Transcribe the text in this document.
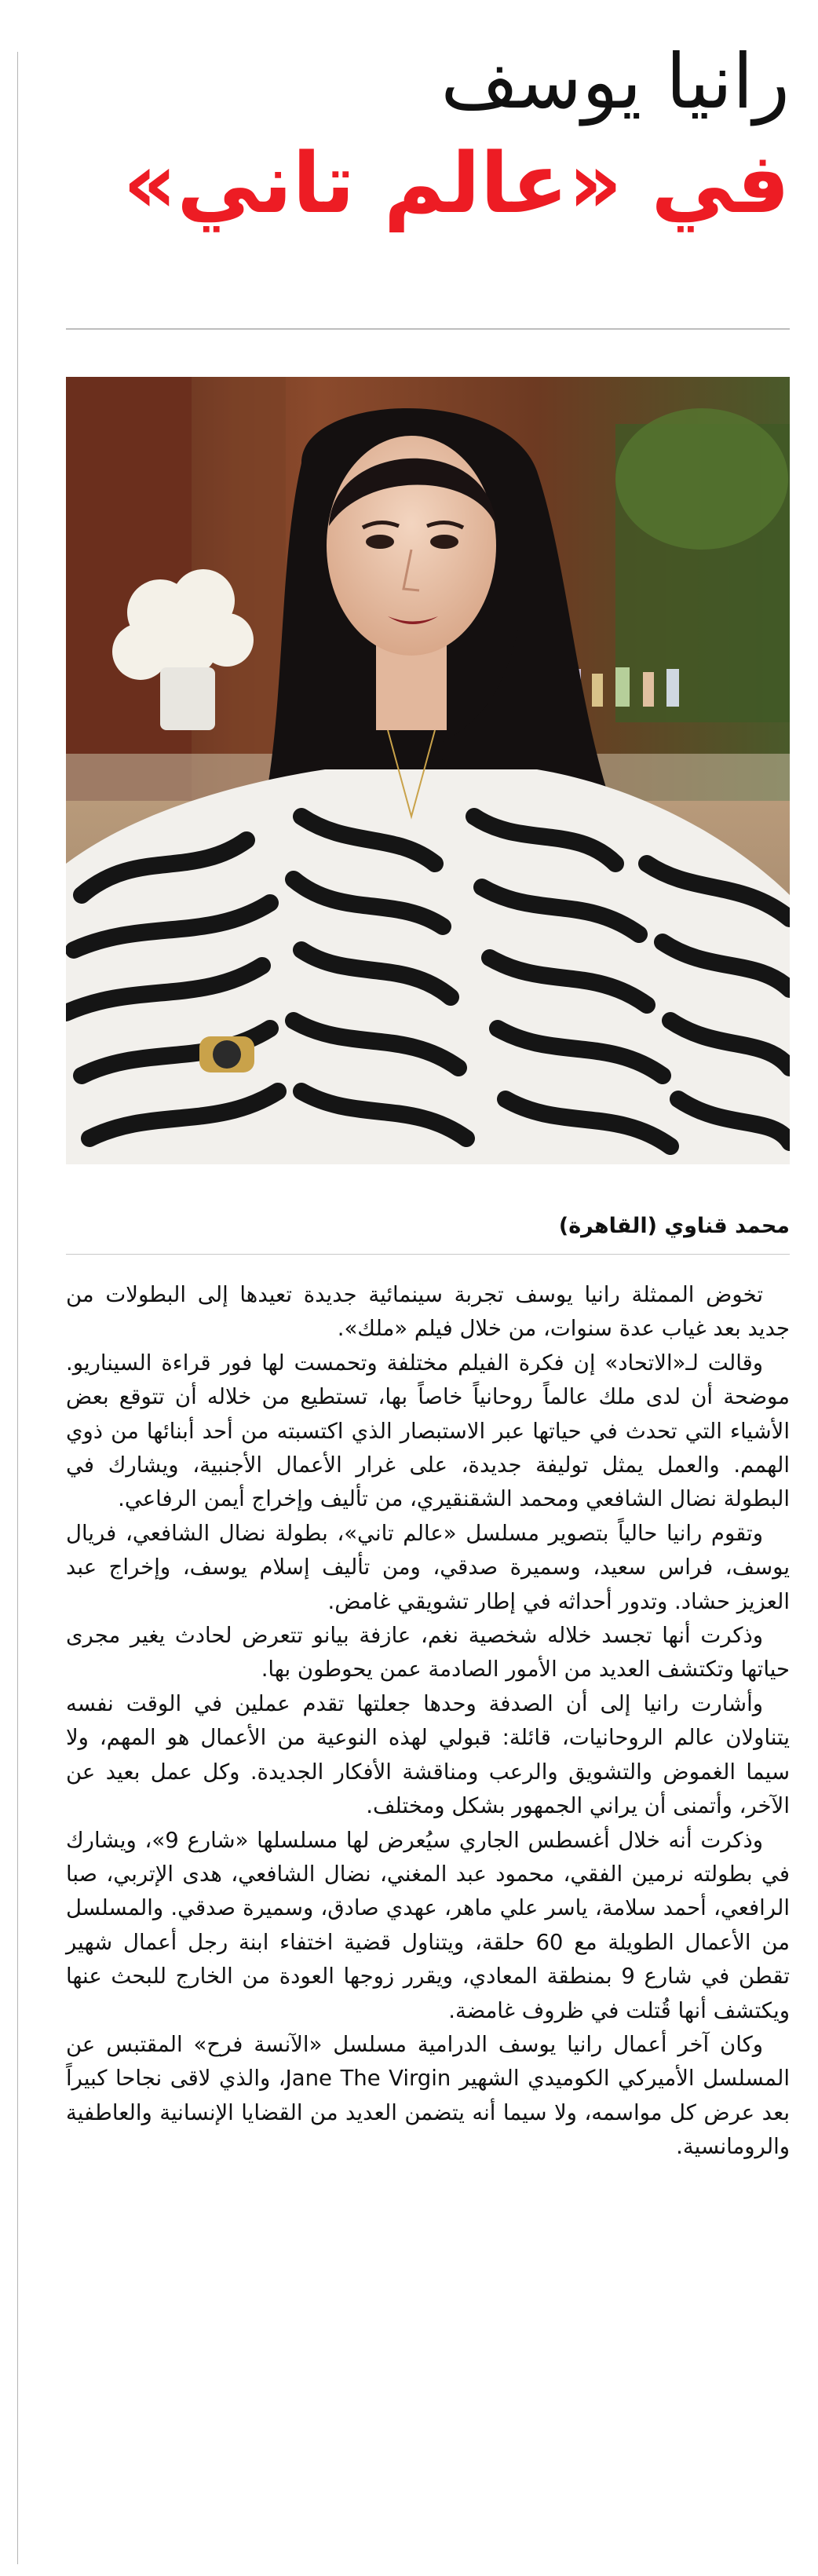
رانيا يوسف
في «عالم تاني»
محمد قناوي (القاهرة)

تخوض الممثلة رانيا يوسف تجربة سينمائية جديدة تعيدها إلى البطولات من جديد بعد غياب عدة سنوات، من خلال فيلم «ملك».

وقالت لـ«الاتحاد» إن فكرة الفيلم مختلفة وتحمست لها فور قراءة السيناريو. موضحة أن لدى ملك عالماً روحانياً خاصاً بها، تستطيع من خلاله أن تتوقع بعض الأشياء التي تحدث في حياتها عبر الاستبصار الذي اكتسبته من أحد أبنائها من ذوي الهمم. والعمل يمثل توليفة جديدة، على غرار الأعمال الأجنبية، ويشارك في البطولة نضال الشافعي ومحمد الشقنقيري، من تأليف وإخراج أيمن الرفاعي.

وتقوم رانيا حالياً بتصوير مسلسل «عالم تاني»، بطولة نضال الشافعي، فريال يوسف، فراس سعيد، وسميرة صدقي، ومن تأليف إسلام يوسف، وإخراج عبد العزيز حشاد. وتدور أحداثه في إطار تشويقي غامض.

وذكرت أنها تجسد خلاله شخصية نغم، عازفة بيانو تتعرض لحادث يغير مجرى حياتها وتكتشف العديد من الأمور الصادمة عمن يحوطون بها.

وأشارت رانيا إلى أن الصدفة وحدها جعلتها تقدم عملين في الوقت نفسه يتناولان عالم الروحانيات، قائلة: قبولي لهذه النوعية من الأعمال هو المهم، ولا سيما الغموض والتشويق والرعب ومناقشة الأفكار الجديدة. وكل عمل بعيد عن الآخر، وأتمنى أن يراني الجمهور بشكل ومختلف.

وذكرت أنه خلال أغسطس الجاري سيُعرض لها مسلسلها «شارع 9»، ويشارك في بطولته نرمين الفقي، محمود عبد المغني، نضال الشافعي، هدى الإتربي، صبا الرافعي، أحمد سلامة، ياسر علي ماهر، عهدي صادق، وسميرة صدقي. والمسلسل من الأعمال الطويلة مع 60 حلقة، ويتناول قضية اختفاء ابنة رجل أعمال شهير تقطن في شارع 9 بمنطقة المعادي، ويقرر زوجها العودة من الخارج للبحث عنها ويكتشف أنها قُتلت في ظروف غامضة.

وكان آخر أعمال رانيا يوسف الدرامية مسلسل «الآنسة فرح» المقتبس عن المسلسل الأميركي الكوميدي الشهير Jane The Virgin، والذي لاقى نجاحا كبيراً بعد عرض كل مواسمه، ولا سيما أنه يتضمن العديد من القضايا الإنسانية والعاطفية والرومانسية.
